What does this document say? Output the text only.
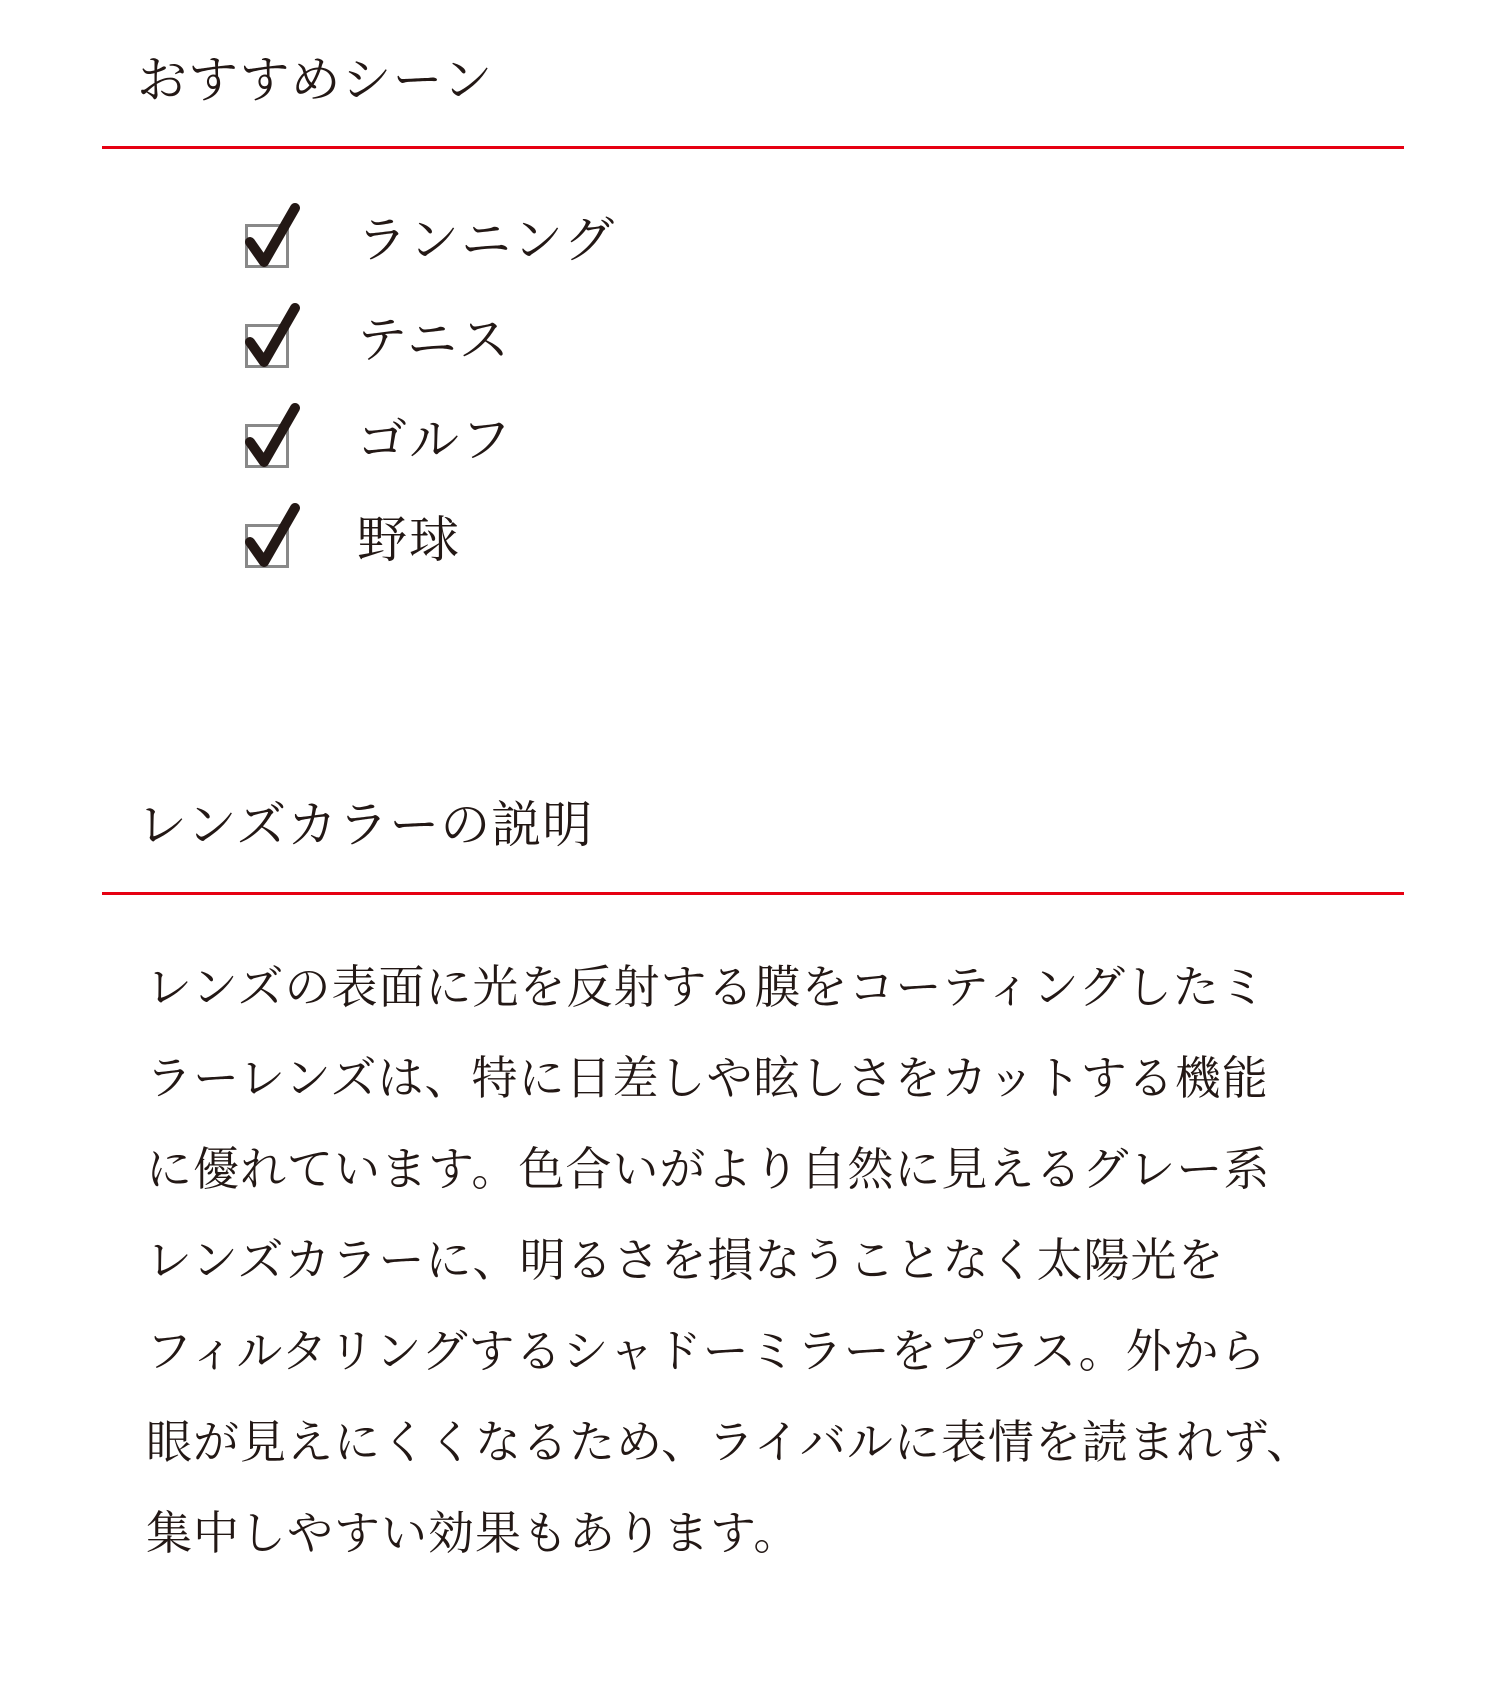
おすすめシーン
ランニング
テニス
ゴルフ
野球
レンズカラーの説明

レンズの表面に光を反射する膜をコーティングしたミ
ラーレンズは、特に日差しや眩しさをカットする機能
に優れています。色合いがより自然に見えるグレー系
レンズカラーに、明るさを損なうことなく太陽光を
フィルタリングするシャドーミラーをプラス。外から
眼が見えにくくなるため、ライバルに表情を読まれず、
集中しやすい効果もあります。
